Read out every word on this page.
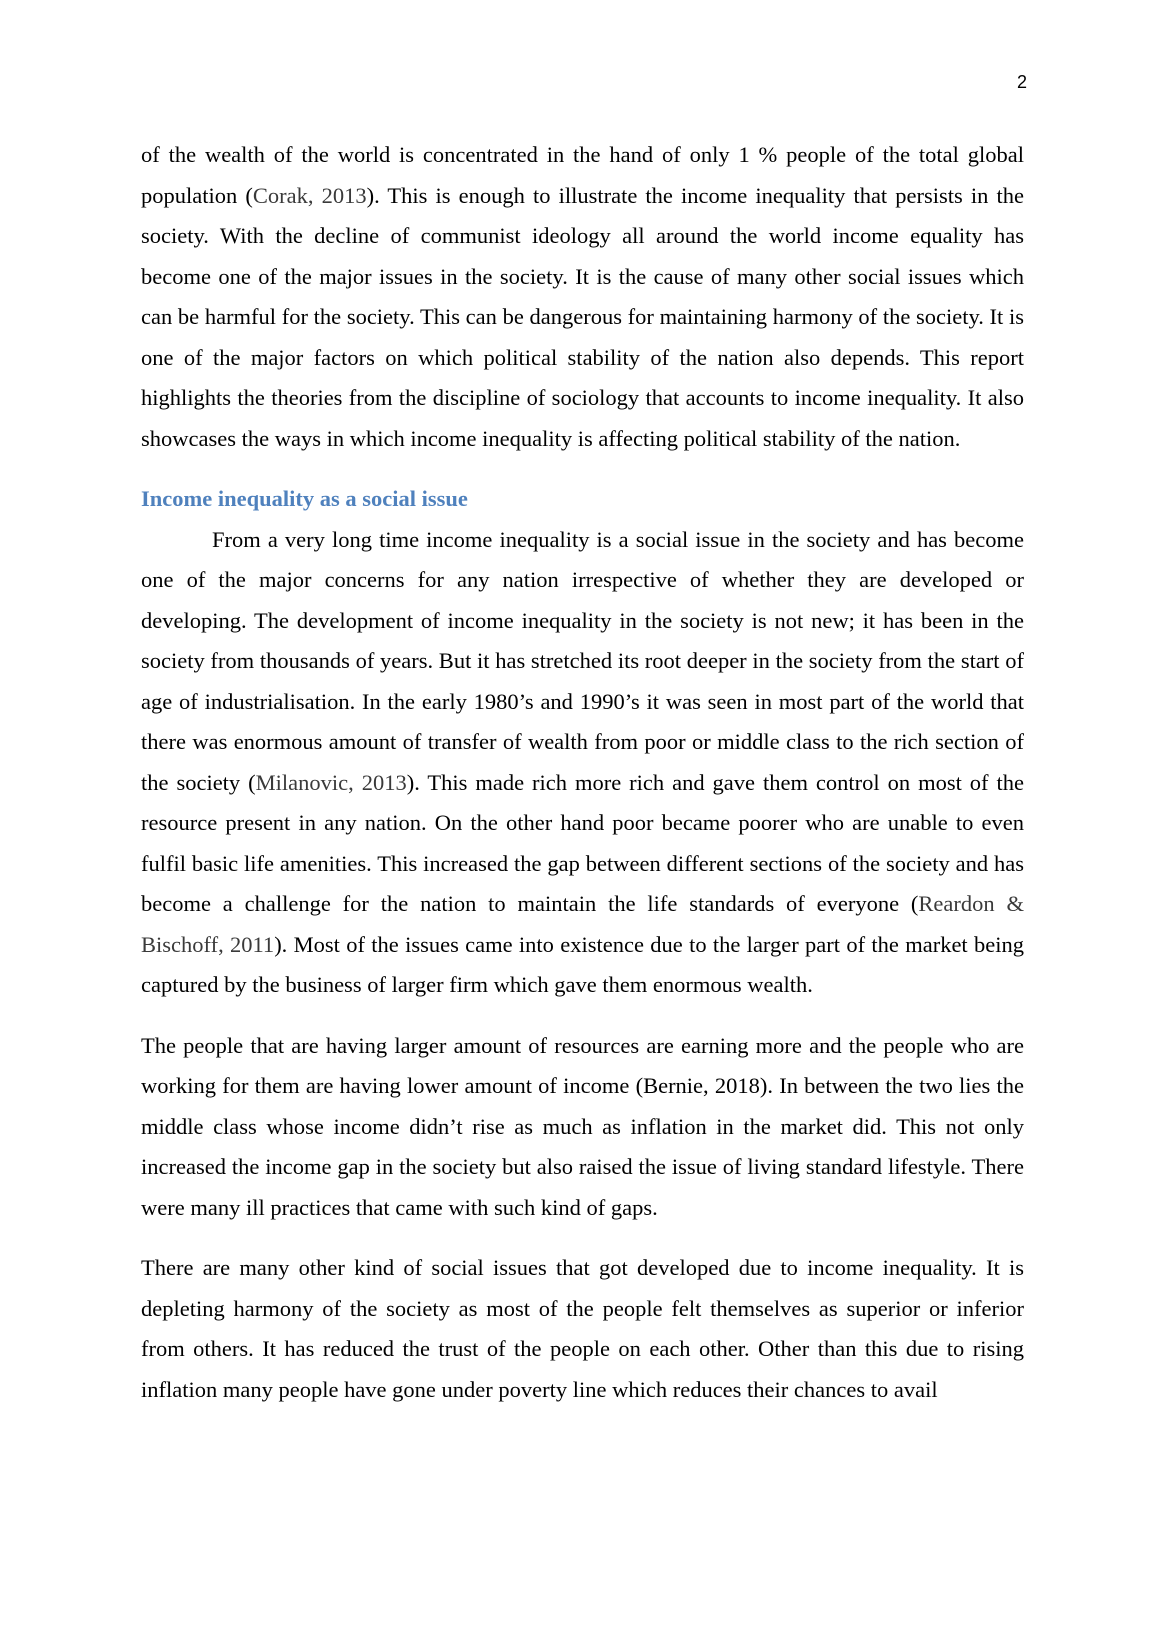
2

of the wealth of the world is concentrated in the hand of only 1 % people of the total global population (Corak, 2013). This is enough to illustrate the income inequality that persists in the society. With the decline of communist ideology all around the world income equality has become one of the major issues in the society. It is the cause of many other social issues which can be harmful for the society. This can be dangerous for maintaining harmony of the society. It is one of the major factors on which political stability of the nation also depends. This report highlights the theories from the discipline of sociology that accounts to income inequality. It also showcases the ways in which income inequality is affecting political stability of the nation.

Income inequality as a social issue

From a very long time income inequality is a social issue in the society and has become one of the major concerns for any nation irrespective of whether they are developed or developing. The development of income inequality in the society is not new; it has been in the society from thousands of years. But it has stretched its root deeper in the society from the start of age of industrialisation. In the early 1980’s and 1990’s it was seen in most part of the world that there was enormous amount of transfer of wealth from poor or middle class to the rich section of the society (Milanovic, 2013). This made rich more rich and gave them control on most of the resource present in any nation. On the other hand poor became poorer who are unable to even fulfil basic life amenities. This increased the gap between different sections of the society and has become a challenge for the nation to maintain the life standards of everyone (Reardon & Bischoff, 2011). Most of the issues came into existence due to the larger part of the market being captured by the business of larger firm which gave them enormous wealth.

The people that are having larger amount of resources are earning more and the people who are working for them are having lower amount of income (Bernie, 2018). In between the two lies the middle class whose income didn’t rise as much as inflation in the market did. This not only increased the income gap in the society but also raised the issue of living standard lifestyle. There were many ill practices that came with such kind of gaps.

There are many other kind of social issues that got developed due to income inequality. It is depleting harmony of the society as most of the people felt themselves as superior or inferior from others. It has reduced the trust of the people on each other. Other than this due to rising inflation many people have gone under poverty line which reduces their chances to avail
